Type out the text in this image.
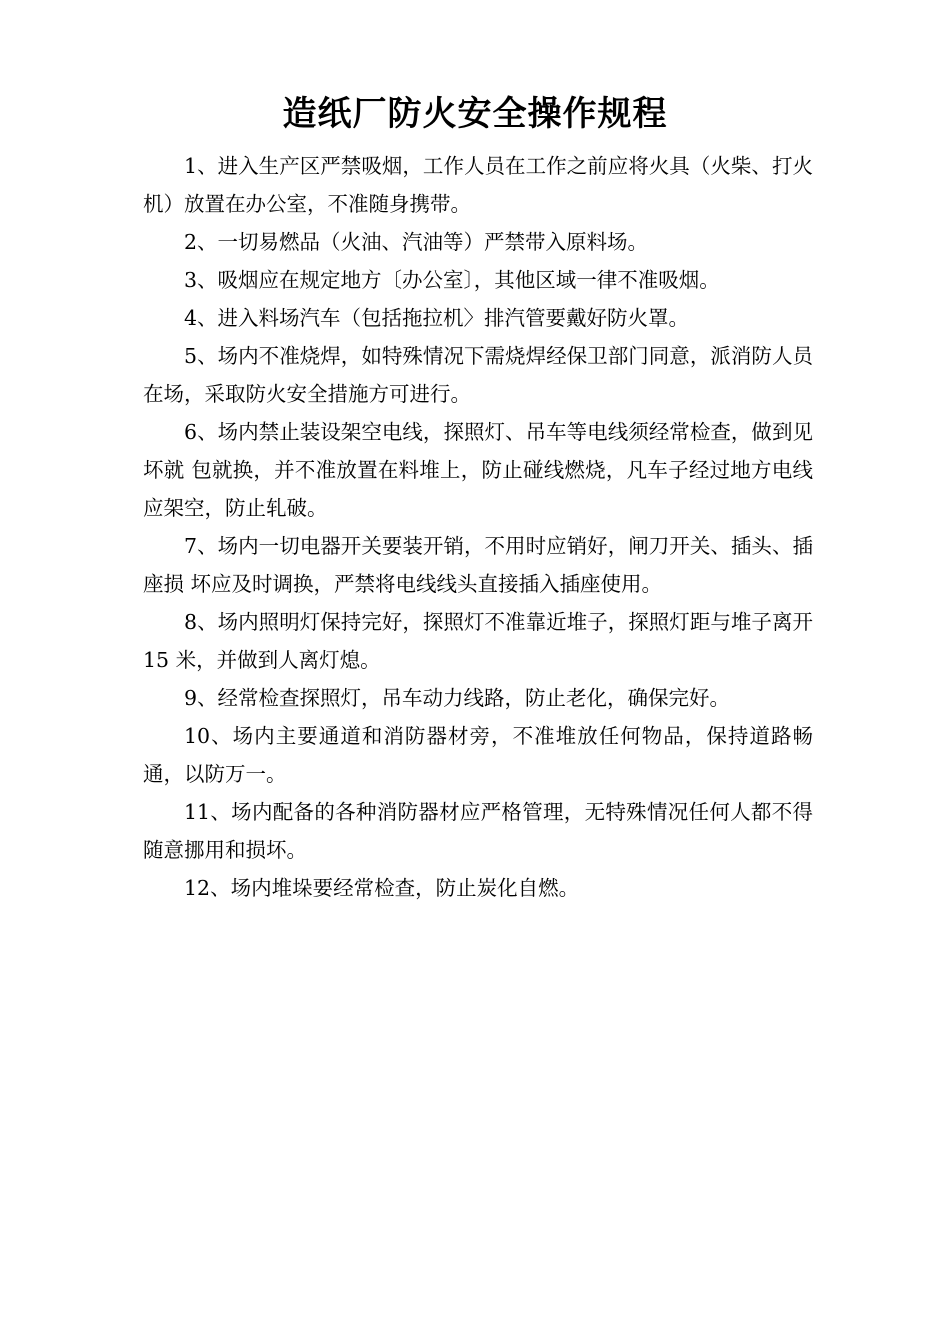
造纸厂防火安全操作规程

1、进入生产区严禁吸烟，工作人员在工作之前应将火具（火柴、打火机）放置在办公室，不准随身携带。

2、一切易燃品（火油、汽油等）严禁带入原料场。

3、吸烟应在规定地方〔办公室〕，其他区域一律不准吸烟。

4、进入料场汽车（包括拖拉机〉排汽管要戴好防火罩。

5、场内不准烧焊，如特殊情况下需烧焊经保卫部门同意，派消防人员在场，采取防火安全措施方可进行。

6、场内禁止装设架空电线，探照灯、吊车等电线须经常检查，做到见坏就 包就换，并不准放置在料堆上，防止碰线燃烧，凡车子经过地方电线应架空，防止轧破。

7、场内一切电器开关要装开销，不用时应销好，闸刀开关、插头、插座损 坏应及时调换，严禁将电线线头直接插入插座使用。

8、场内照明灯保持完好，探照灯不准靠近堆子，探照灯距与堆子离开 15 米，并做到人离灯熄。

9、经常检查探照灯，吊车动力线路，防止老化，确保完好。

10、场内主要通道和消防器材旁，不准堆放任何物品，保持道路畅通，以防万一。

11、场内配备的各种消防器材应严格管理，无特殊情况任何人都不得随意挪用和损坏。

12、场内堆垛要经常检查，防止炭化自燃。
